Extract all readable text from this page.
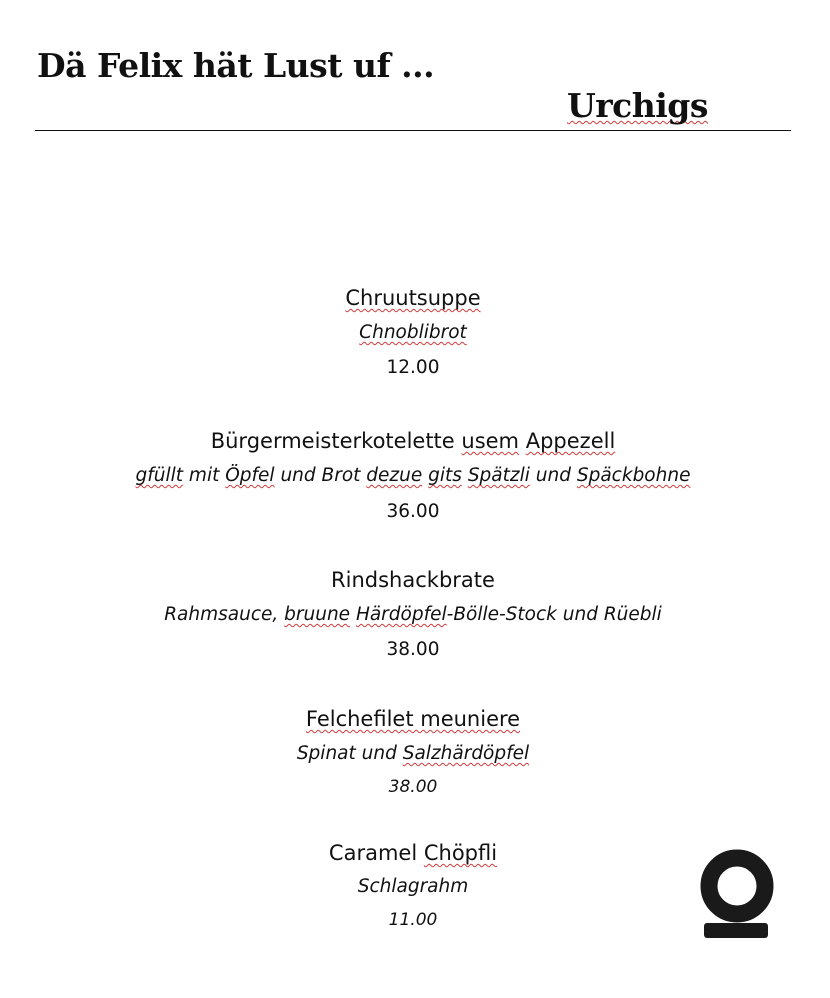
Dä Felix hät Lust uf ...
Urchigs
Chruutsuppe
Chnoblibrot
12.00
Bürgermeisterkotelette usem Appezell
gfüllt mit Öpfel und Brot dezue gits Spätzli und Späckbohne
36.00
Rindshackbrate
Rahmsauce, bruune Härdöpfel-Bölle-Stock und Rüebli
38.00
Felchefilet meuniere
Spinat und Salzhärdöpfel
38.00
Caramel Chöpfli
Schlagrahm
11.00
